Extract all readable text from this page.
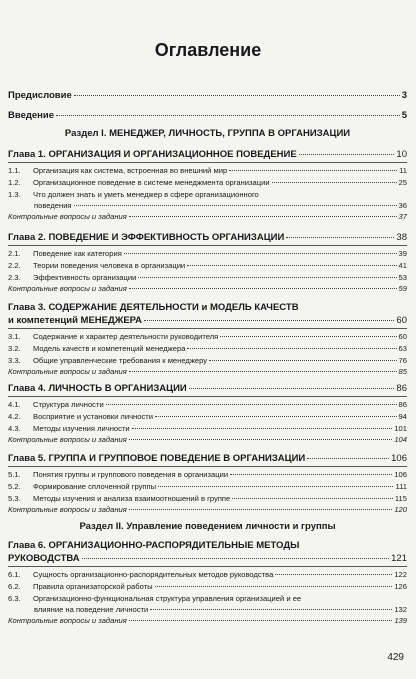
Оглавление
Предисловие	3
Введение	5
Раздел I. МЕНЕДЖЕР, ЛИЧНОСТЬ, ГРУППА В ОРГАНИЗАЦИИ
Глава 1. ОРГАНИЗАЦИЯ И ОРГАНИЗАЦИОННОЕ ПОВЕДЕНИЕ	10
1.1. Организация как система, встроенная во внешний мир	11
1.2. Организационное поведение в системе менеджмента организации	25
1.3. Что должен знать и уметь менеджер в сфере организационного
поведения	36
Контрольные вопросы и задания	37
Глава 2. ПОВЕДЕНИЕ И ЭФФЕКТИВНОСТЬ ОРГАНИЗАЦИИ	38
2.1. Поведение как категория	39
2.2. Теории поведения человека в организации	41
2.3. Эффективность организации	53
Контрольные вопросы и задания	59
Глава 3. СОДЕРЖАНИЕ ДЕЯТЕЛЬНОСТИ и МОДЕЛЬ КАЧЕСТВ
и компетенций МЕНЕДЖЕРА	60
3.1. Содержание и характер деятельности руководителя	60
3.2. Модель качеств и компетенций менеджера	63
3.3. Общие управленческие требования к менеджеру	76
Контрольные вопросы и задания	85
Глава 4. ЛИЧНОСТЬ В ОРГАНИЗАЦИИ	86
4.1. Структура личности	86
4.2. Восприятие и установки личности	94
4.3. Методы изучения личности	101
Контрольные вопросы и задания	104
Глава 5. ГРУППА И ГРУППОВОЕ ПОВЕДЕНИЕ В ОРГАНИЗАЦИИ	106
5.1. Понятия группы и группового поведения в организации	106
5.2. Формирование сплоченной группы	111
5.3. Методы изучения и анализа взаимоотношений в группе	115
Контрольные вопросы и задания	120
Раздел II. Управление поведением личности и группы
Глава 6. ОРГАНИЗАЦИОННО-РАСПОРЯДИТЕЛЬНЫЕ МЕТОДЫ
РУКОВОДСТВА	121
6.1. Сущность организационно-распорядительных методов руководства	122
6.2. Правила организаторской работы	126
6.3. Организационно-функциональная структура управления организацией и ее
влияние на поведение личности	132
Контрольные вопросы и задания	139
429
